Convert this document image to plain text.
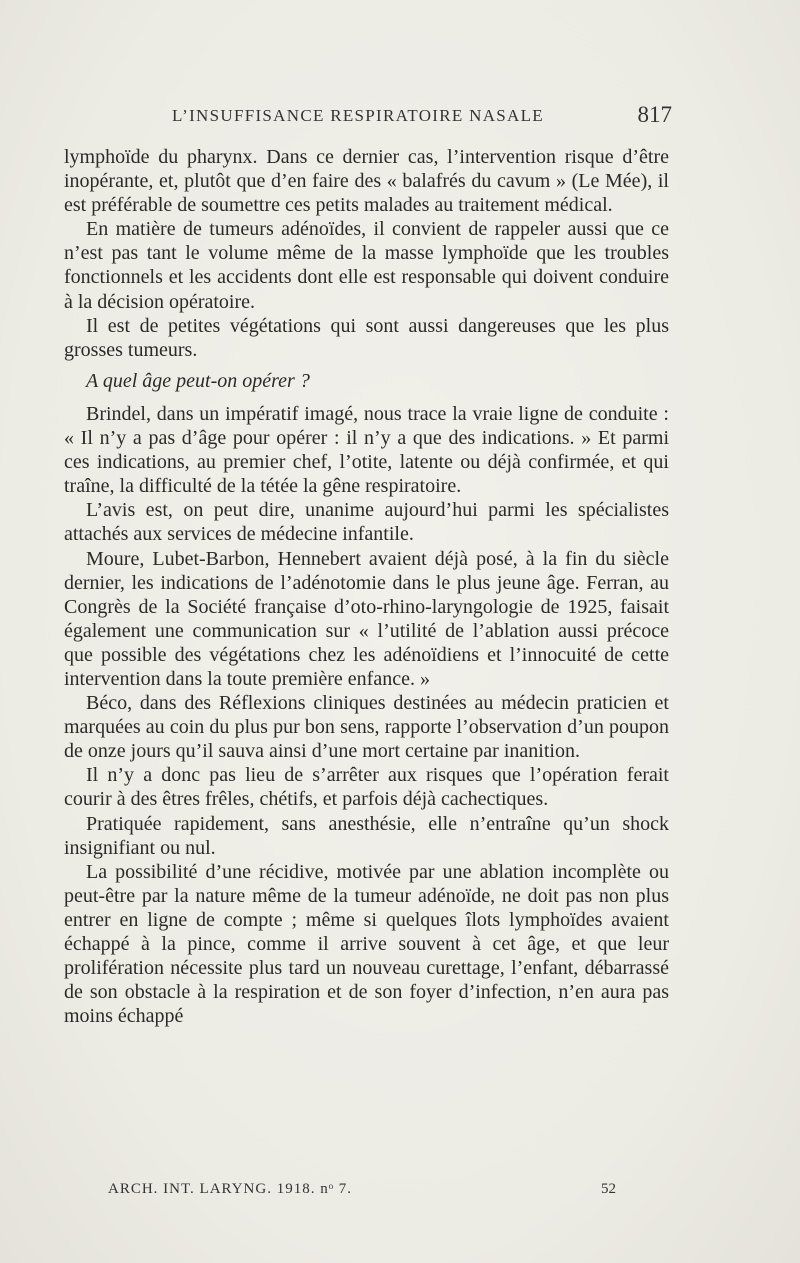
L’INSUFFISANCE RESPIRATOIRE NASALE	817

lymphoïde du pharynx. Dans ce dernier cas, l’intervention risque d’être inopérante, et, plutôt que d’en faire des « balafrés du cavum » (Le Mée), il est préférable de soumettre ces petits malades au traitement médical.

En matière de tumeurs adénoïdes, il convient de rappeler aussi que ce n’est pas tant le volume même de la masse lymphoïde que les troubles fonctionnels et les accidents dont elle est responsable qui doivent conduire à la décision opératoire.

Il est de petites végétations qui sont aussi dangereuses que les plus grosses tumeurs.

A quel âge peut-on opérer ?

Brindel, dans un impératif imagé, nous trace la vraie ligne de conduite : « Il n’y a pas d’âge pour opérer : il n’y a que des indications. » Et parmi ces indications, au premier chef, l’otite, latente ou déjà confirmée, et qui traîne, la difficulté de la tétée la gêne respiratoire.

L’avis est, on peut dire, unanime aujourd’hui parmi les spécialistes attachés aux services de médecine infantile.

Moure, Lubet-Barbon, Hennebert avaient déjà posé, à la fin du siècle dernier, les indications de l’adénotomie dans le plus jeune âge. Ferran, au Congrès de la Société française d’oto-rhino-laryngologie de 1925, faisait également une communication sur « l’utilité de l’ablation aussi précoce que possible des végétations chez les adénoïdiens et l’innocuité de cette intervention dans la toute première enfance. »

Béco, dans des Réflexions cliniques destinées au médecin praticien et marquées au coin du plus pur bon sens, rapporte l’observation d’un poupon de onze jours qu’il sauva ainsi d’une mort certaine par inanition.

Il n’y a donc pas lieu de s’arrêter aux risques que l’opération ferait courir à des êtres frêles, chétifs, et parfois déjà cachectiques.

Pratiquée rapidement, sans anesthésie, elle n’entraîne qu’un shock insignifiant ou nul.

La possibilité d’une récidive, motivée par une ablation incomplète ou peut-être par la nature même de la tumeur adénoïde, ne doit pas non plus entrer en ligne de compte ; même si quelques îlots lymphoïdes avaient échappé à la pince, comme il arrive souvent à cet âge, et que leur prolifération nécessite plus tard un nouveau curettage, l’enfant, débarrassé de son obstacle à la respiration et de son foyer d’infection, n’en aura pas moins échappé

ARCH. INT. LARYNG. 1918. nᵒ 7.	52
